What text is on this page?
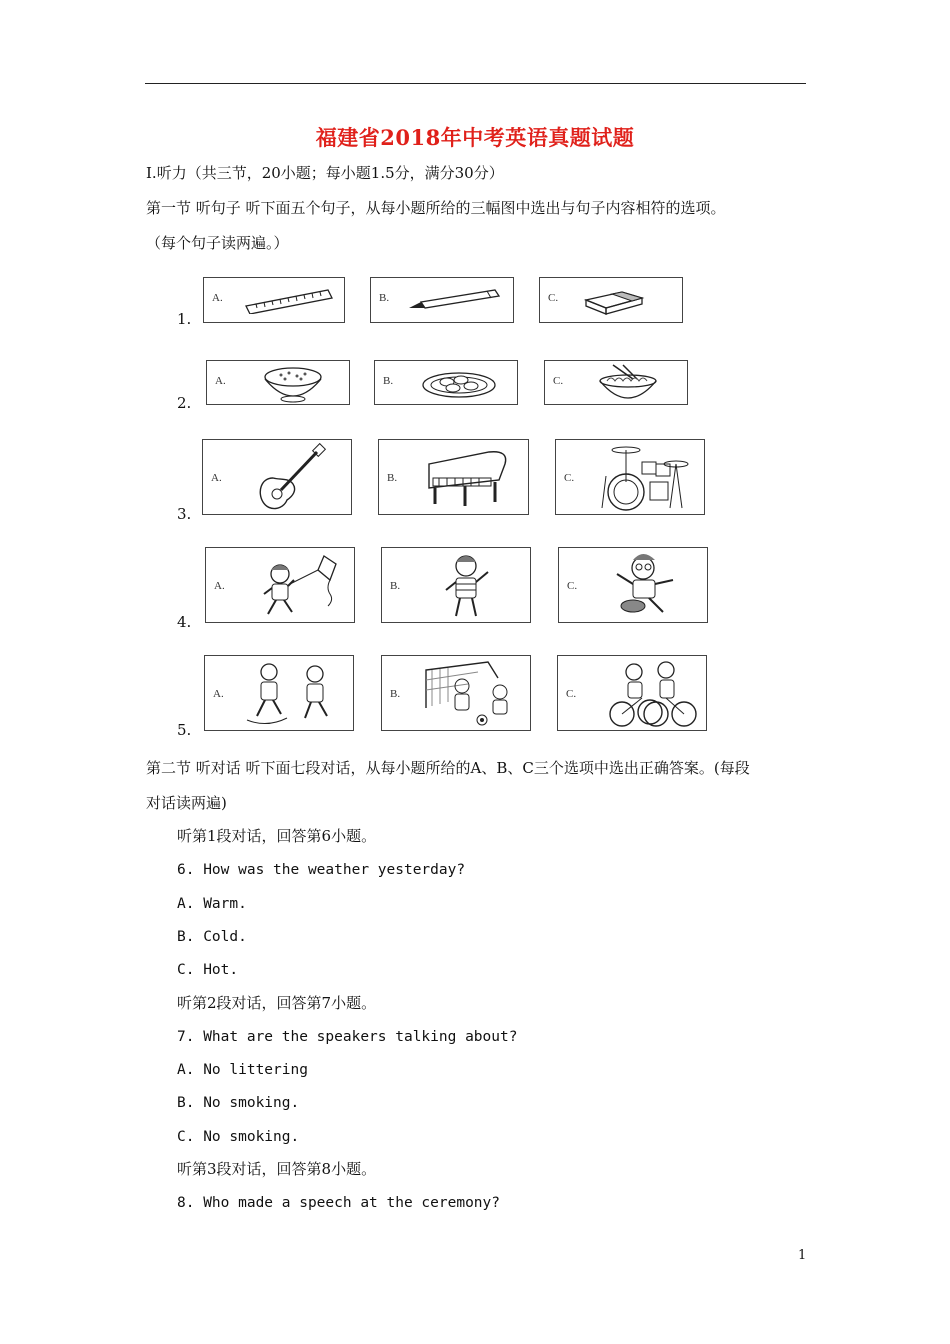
福建省2018年中考英语真题试题
Ⅰ.听力（共三节，20小题；每小题1.5分，满分30分）
第一节 听句子 听下面五个句子，从每小题所给的三幅图中选出与句子内容相符的选项。
（每个句子读两遍。）
1.
A.	B.	C.
2.
A.	B.	C.
3.
A.	B.	C.
4.
A.	B.	C.
5.
A.	B.	C.
第二节 听对话 听下面七段对话，从每小题所给的A、B、C三个选项中选出正确答案。(每段
对话读两遍)
听第1段对话，回答第6小题。
6. How was the weather yesterday?
A. Warm.
B. Cold.
C. Hot.
听第2段对话，回答第7小题。
7. What are the speakers talking about?
A. No littering
B. No smoking.
C. No smoking.
听第3段对话，回答第8小题。
8. Who made a speech at the ceremony?
1
